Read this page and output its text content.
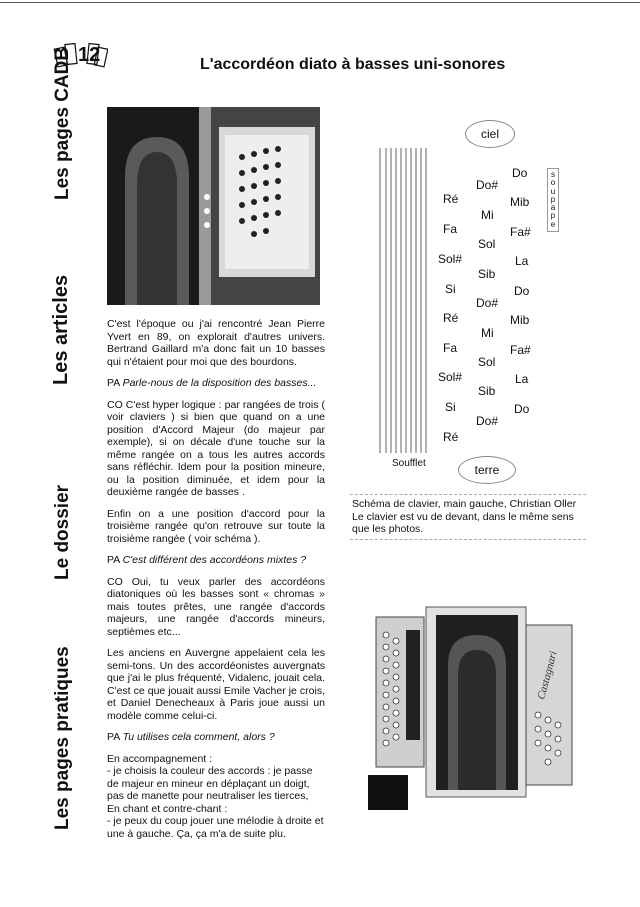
12	L'accordéon diato à basses uni-sonores
Les pages CADB
Les articles
Le dossier
Les pages pratiques

C'est l'époque ou j'ai rencontré Jean Pierre Yvert en 89, on explorait d'autres univers. Bertrand Gaillard m'a donc fait un 10 basses qui n'étaient pour moi que des bourdons.

PA Parle-nous de la disposition des basses...

CO C'est hyper logique : par rangées de trois ( voir claviers ) si bien que quand on a une position d'Accord Majeur (do majeur par exemple), si on décale d'une touche sur la même rangée on a tous les autres accords sans réfléchir. Idem pour la position mineure, ou la position diminuée, et idem pour la deuxième rangée de basses .

Enfin on a une position d'accord pour la troisième rangée qu'on retrouve sur toute la troisième rangée ( voir schéma ).

PA C'est différent des accordéons mixtes ?

CO Oui, tu veux parler des accordéons diatoniques où les basses sont « chromas » mais toutes prêtes, une rangée d'accords majeurs, une rangée d'accords mineurs, septièmes etc...

Les anciens en Auvergne appelaient cela les semi-tons. Un des accordéonistes auvergnats que j'ai le plus fréquenté, Vidalenc, jouait cela. C'est ce que jouait aussi Emile Vacher je crois, et Daniel Denecheaux à Paris joue aussi un modèle comme celui-ci.

PA Tu utilises cela comment, alors ?

En accompagnement :
- je choisis la couleur des accords : je passe de majeur en mineur en déplaçant un doigt, pas de manette pour neutraliser les tierces,
En chant et contre-chant :
- je peux du coup jouer une mélodie à droite et une à gauche. Ça, ça m'a de suite plu.

ciel
Soufflet
soupape
Ré
Fa
Sol#
Si
Ré
Fa
Sol#
Si
Ré
Do#
Mi
Sol
Sib
Do#
Mi
Sol
Sib
Do#
Do
Mib
Fa#
La
Do
Mib
Fa#
La
Do
terre
Schéma de clavier, main gauche, Christian Oller
Le clavier est vu de devant, dans le même sens que les photos.
Castagnari
